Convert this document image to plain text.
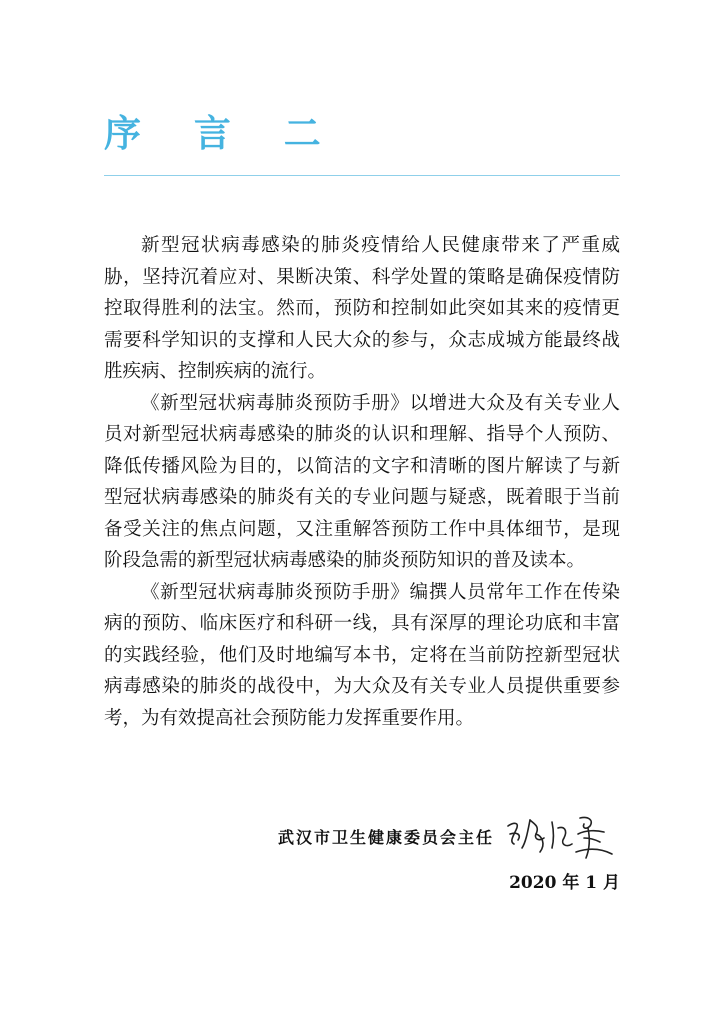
序 言 二

新型冠状病毒感染的肺炎疫情给人民健康带来了严重威胁，坚持沉着应对、果断决策、科学处置的策略是确保疫情防控取得胜利的法宝。然而，预防和控制如此突如其来的疫情更需要科学知识的支撑和人民大众的参与，众志成城方能最终战胜疾病、控制疾病的流行。

《新型冠状病毒肺炎预防手册》以增进大众及有关专业人员对新型冠状病毒感染的肺炎的认识和理解、指导个人预防、降低传播风险为目的，以简洁的文字和清晰的图片解读了与新型冠状病毒感染的肺炎有关的专业问题与疑惑，既着眼于当前备受关注的焦点问题，又注重解答预防工作中具体细节，是现阶段急需的新型冠状病毒感染的肺炎预防知识的普及读本。

《新型冠状病毒肺炎预防手册》编撰人员常年工作在传染病的预防、临床医疗和科研一线，具有深厚的理论功底和丰富的实践经验，他们及时地编写本书，定将在当前防控新型冠状病毒感染的肺炎的战役中，为大众及有关专业人员提供重要参考，为有效提高社会预防能力发挥重要作用。

武汉市卫生健康委员会主任
2020 年 1 月
